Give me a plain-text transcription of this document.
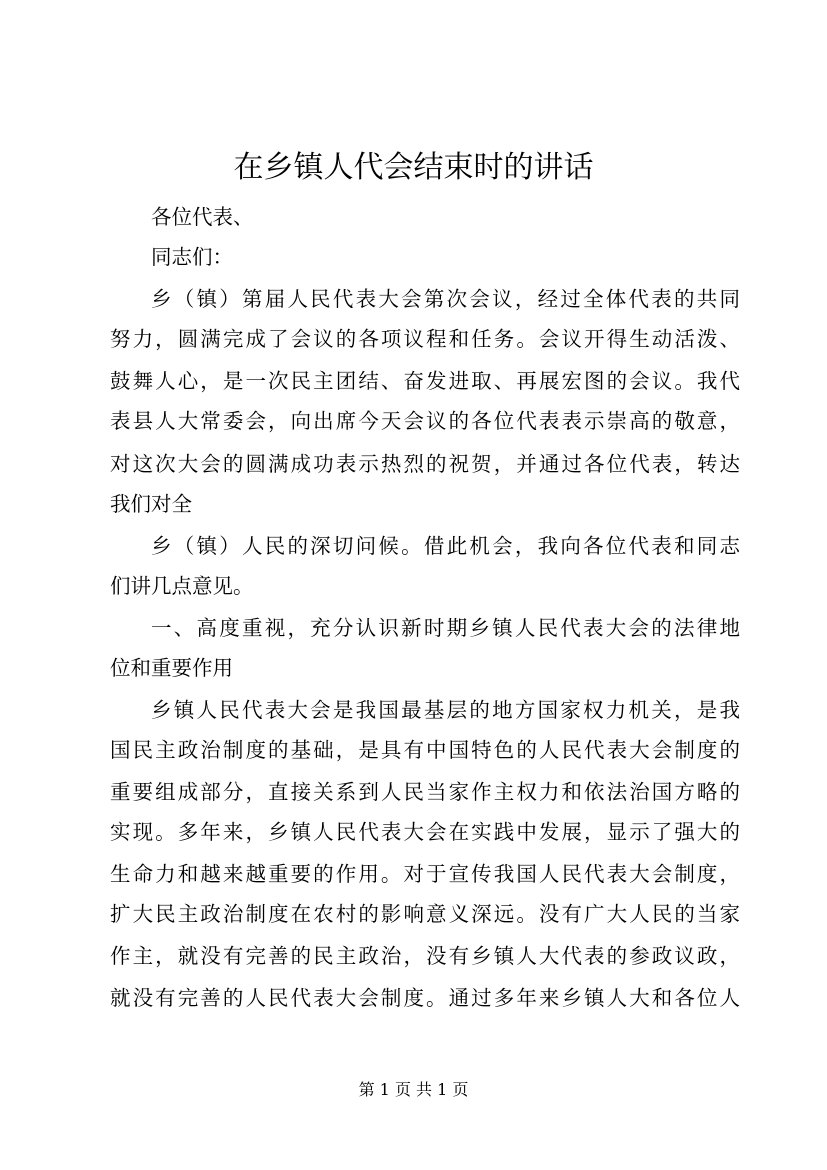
在乡镇人代会结束时的讲话

各位代表、

同志们：

乡（镇）第届人民代表大会第次会议，经过全体代表的共同

努力，圆满完成了会议的各项议程和任务。会议开得生动活泼、

鼓舞人心，是一次民主团结、奋发进取、再展宏图的会议。我代

表县人大常委会，向出席今天会议的各位代表表示崇高的敬意，

对这次大会的圆满成功表示热烈的祝贺，并通过各位代表，转达

我们对全

乡（镇）人民的深切问候。借此机会，我向各位代表和同志

们讲几点意见。

一、高度重视，充分认识新时期乡镇人民代表大会的法律地

位和重要作用

乡镇人民代表大会是我国最基层的地方国家权力机关，是我

国民主政治制度的基础，是具有中国特色的人民代表大会制度的

重要组成部分，直接关系到人民当家作主权力和依法治国方略的

实现。多年来，乡镇人民代表大会在实践中发展，显示了强大的

生命力和越来越重要的作用。对于宣传我国人民代表大会制度，

扩大民主政治制度在农村的影响意义深远。没有广大人民的当家

作主，就没有完善的民主政治，没有乡镇人大代表的参政议政，

就没有完善的人民代表大会制度。通过多年来乡镇人大和各位人

第 1 页 共 1 页
